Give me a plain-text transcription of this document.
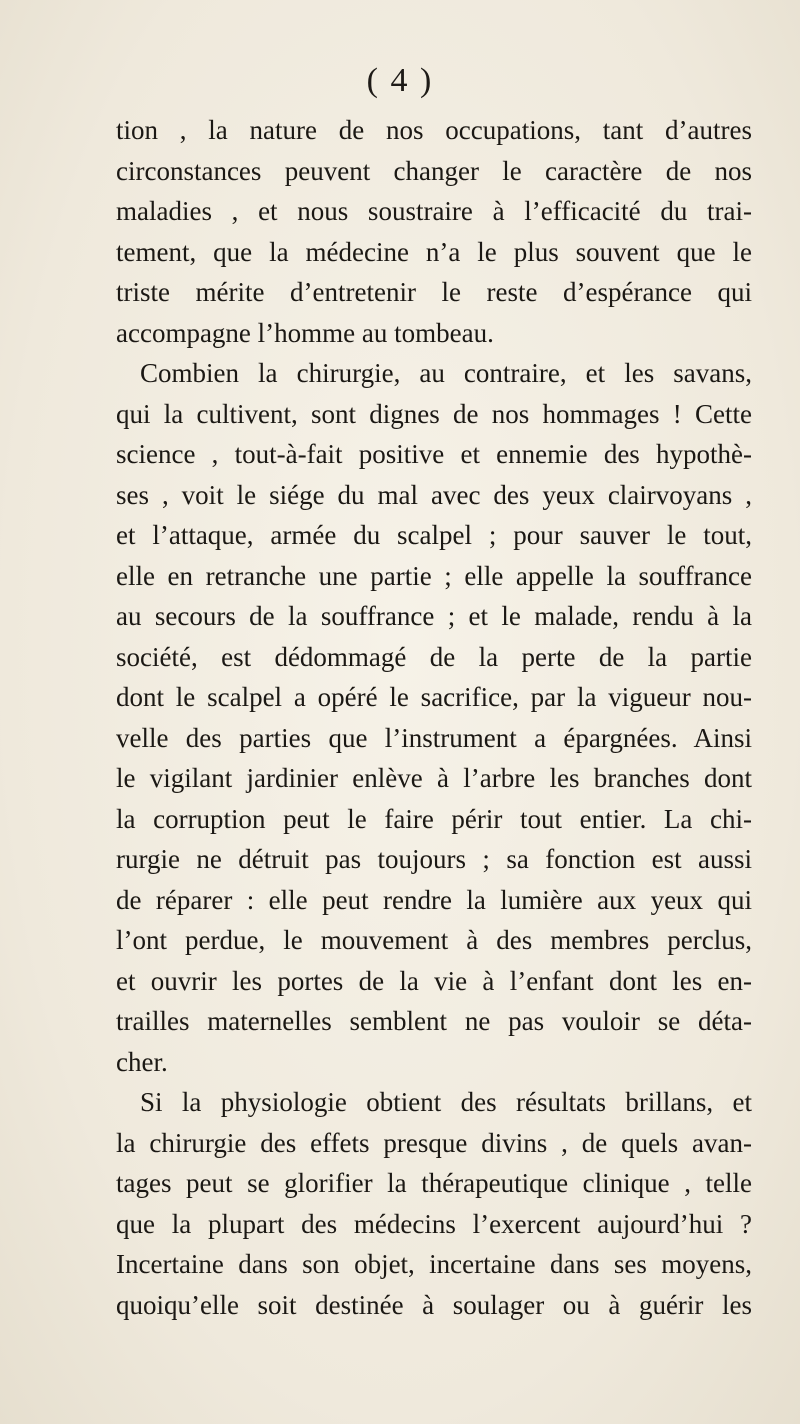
( 4 )
tion , la nature de nos occupations, tant d’autres
circonstances peuvent changer le caractère de nos
maladies , et nous soustraire à l’efficacité du trai-
tement, que la médecine n’a le plus souvent que le
triste mérite d’entretenir le reste d’espérance qui
accompagne l’homme au tombeau.
Combien la chirurgie, au contraire, et les savans,
qui la cultivent, sont dignes de nos hommages ! Cette
science , tout-à-fait positive et ennemie des hypothè-
ses , voit le siége du mal avec des yeux clairvoyans ,
et l’attaque, armée du scalpel ; pour sauver le tout,
elle en retranche une partie ; elle appelle la souffrance
au secours de la souffrance ; et le malade, rendu à la
société, est dédommagé de la perte de la partie
dont le scalpel a opéré le sacrifice, par la vigueur nou-
velle des parties que l’instrument a épargnées. Ainsi
le vigilant jardinier enlève à l’arbre les branches dont
la corruption peut le faire périr tout entier. La chi-
rurgie ne détruit pas toujours ; sa fonction est aussi
de réparer : elle peut rendre la lumière aux yeux qui
l’ont perdue, le mouvement à des membres perclus,
et ouvrir les portes de la vie à l’enfant dont les en-
trailles maternelles semblent ne pas vouloir se déta-
cher.
Si la physiologie obtient des résultats brillans, et
la chirurgie des effets presque divins , de quels avan-
tages peut se glorifier la thérapeutique clinique , telle
que la plupart des médecins l’exercent aujourd’hui ?
Incertaine dans son objet, incertaine dans ses moyens,
quoiqu’elle soit destinée à soulager ou à guérir les
